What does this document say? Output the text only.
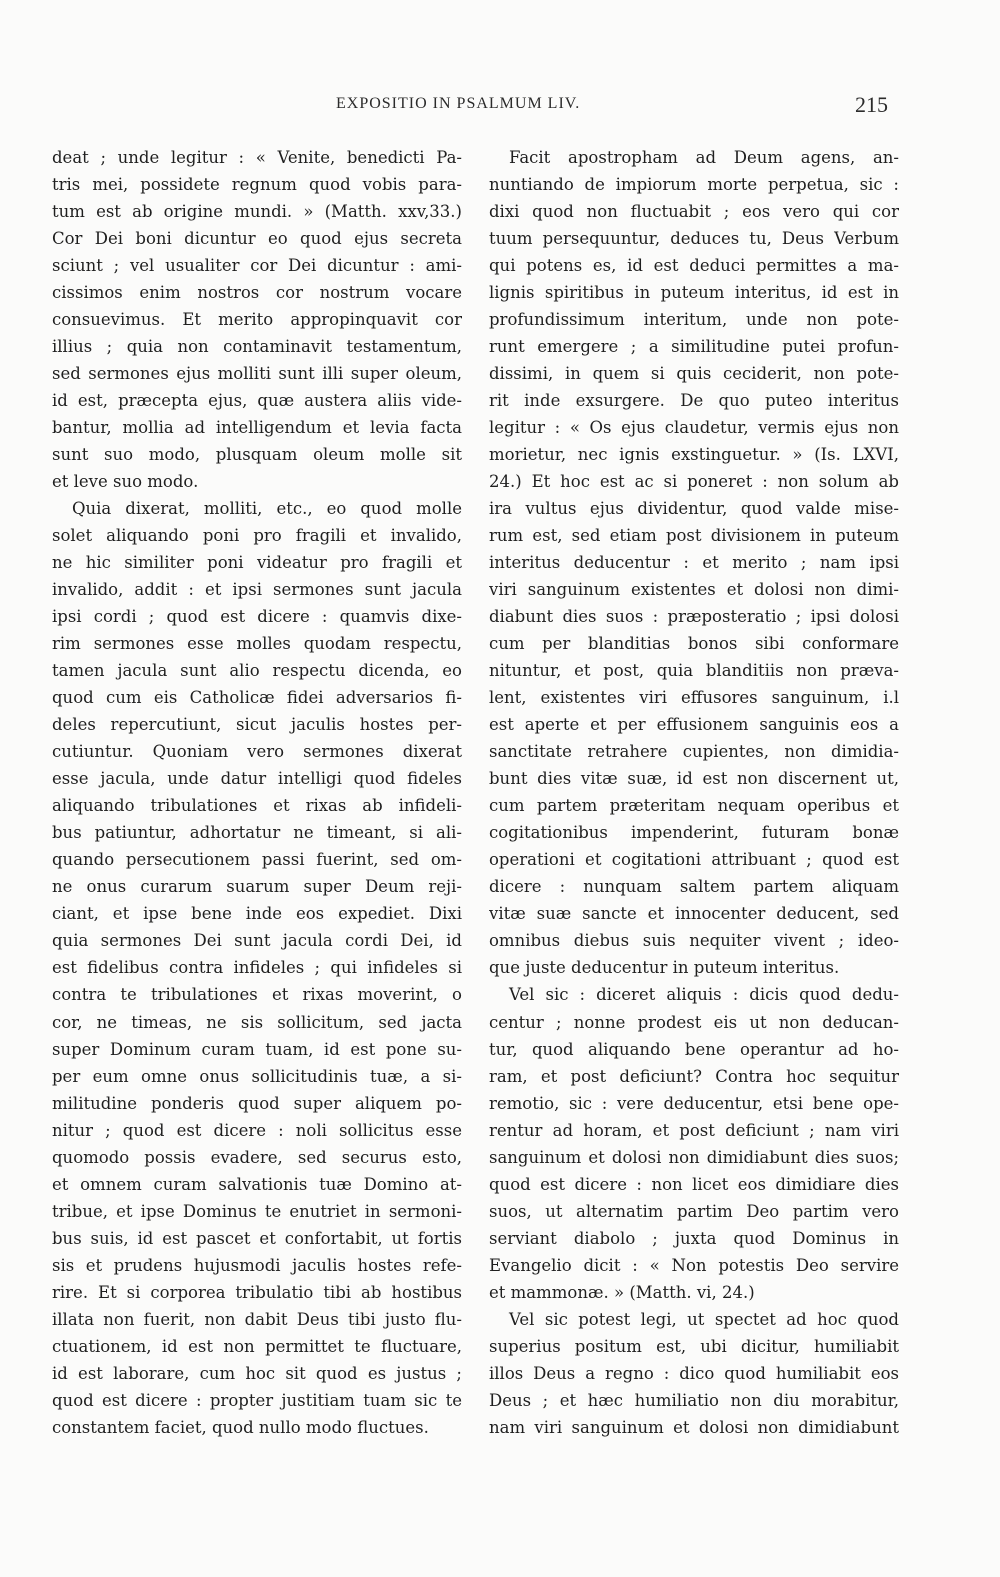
EXPOSITIO IN PSALMUM LIV.	215
deat ; unde legitur : « Venite, benedicti Pa-
tris mei, possidete regnum quod vobis para-
tum est ab origine mundi. » (Matth. xxv,33.)
Cor Dei boni dicuntur eo quod ejus secreta
sciunt ; vel usualiter cor Dei dicuntur : ami-
cissimos enim nostros cor nostrum vocare
consuevimus. Et merito appropinquavit cor
illius ; quia non contaminavit testamentum,
sed sermones ejus molliti sunt illi super oleum,
id est, præcepta ejus, quæ austera aliis vide-
bantur, mollia ad intelligendum et levia facta
sunt suo modo, plusquam oleum molle sit
et leve suo modo.
Quia dixerat, molliti, etc., eo quod molle
solet aliquando poni pro fragili et invalido,
ne hic similiter poni videatur pro fragili et
invalido, addit : et ipsi sermones sunt jacula
ipsi cordi ; quod est dicere : quamvis dixe-
rim sermones esse molles quodam respectu,
tamen jacula sunt alio respectu dicenda, eo
quod cum eis Catholicæ fidei adversarios fi-
deles repercutiunt, sicut jaculis hostes per-
cutiuntur. Quoniam vero sermones dixerat
esse jacula, unde datur intelligi quod fideles
aliquando tribulationes et rixas ab infideli-
bus patiuntur, adhortatur ne timeant, si ali-
quando persecutionem passi fuerint, sed om-
ne onus curarum suarum super Deum reji-
ciant, et ipse bene inde eos expediet. Dixi
quia sermones Dei sunt jacula cordi Dei, id
est fidelibus contra infideles ; qui infideles si
contra te tribulationes et rixas moverint, o
cor, ne timeas, ne sis sollicitum, sed jacta
super Dominum curam tuam, id est pone su-
per eum omne onus sollicitudinis tuæ, a si-
militudine ponderis quod super aliquem po-
nitur ; quod est dicere : noli sollicitus esse
quomodo possis evadere, sed securus esto,
et omnem curam salvationis tuæ Domino at-
tribue, et ipse Dominus te enutriet in sermoni-
bus suis, id est pascet et confortabit, ut fortis
sis et prudens hujusmodi jaculis hostes refe-
rire. Et si corporea tribulatio tibi ab hostibus
illata non fuerit, non dabit Deus tibi justo flu-
ctuationem, id est non permittet te fluctuare,
id est laborare, cum hoc sit quod es justus ;
quod est dicere : propter justitiam tuam sic te
constantem faciet, quod nullo modo fluctues.
Facit apostropham ad Deum agens, an-
nuntiando de impiorum morte perpetua, sic :
dixi quod non fluctuabit ; eos vero qui cor
tuum persequuntur, deduces tu, Deus Verbum
qui potens es, id est deduci permittes a ma-
lignis spiritibus in puteum interitus, id est in
profundissimum interitum, unde non pote-
runt emergere ; a similitudine putei profun-
dissimi, in quem si quis ceciderit, non pote-
rit inde exsurgere. De quo puteo interitus
legitur : « Os ejus claudetur, vermis ejus non
morietur, nec ignis exstinguetur. » (Is. LXVI,
24.) Et hoc est ac si poneret : non solum ab
ira vultus ejus dividentur, quod valde mise-
rum est, sed etiam post divisionem in puteum
interitus deducentur : et merito ; nam ipsi
viri sanguinum existentes et dolosi non dimi-
diabunt dies suos : præposteratio ; ipsi dolosi
cum per blanditias bonos sibi conformare
nituntur, et post, quia blanditiis non præva-
lent, existentes viri effusores sanguinum, i.l
est aperte et per effusionem sanguinis eos a
sanctitate retrahere cupientes, non dimidia-
bunt dies vitæ suæ, id est non discernent ut,
cum partem præteritam nequam operibus et
cogitationibus impenderint, futuram bonæ
operationi et cogitationi attribuant ; quod est
dicere : nunquam saltem partem aliquam
vitæ suæ sancte et innocenter deducent, sed
omnibus diebus suis nequiter vivent ; ideo-
que juste deducentur in puteum interitus.
Vel sic : diceret aliquis : dicis quod dedu-
centur ; nonne prodest eis ut non deducan-
tur, quod aliquando bene operantur ad ho-
ram, et post deficiunt? Contra hoc sequitur
remotio, sic : vere deducentur, etsi bene ope-
rentur ad horam, et post deficiunt ; nam viri
sanguinum et dolosi non dimidiabunt dies suos;
quod est dicere : non licet eos dimidiare dies
suos, ut alternatim partim Deo partim vero
serviant diabolo ; juxta quod Dominus in
Evangelio dicit : « Non potestis Deo servire
et mammonæ. » (Matth. vi, 24.)
Vel sic potest legi, ut spectet ad hoc quod
superius positum est, ubi dicitur, humiliabit
illos Deus a regno : dico quod humiliabit eos
Deus ; et hæc humiliatio non diu morabitur,
nam viri sanguinum et dolosi non dimidiabunt
